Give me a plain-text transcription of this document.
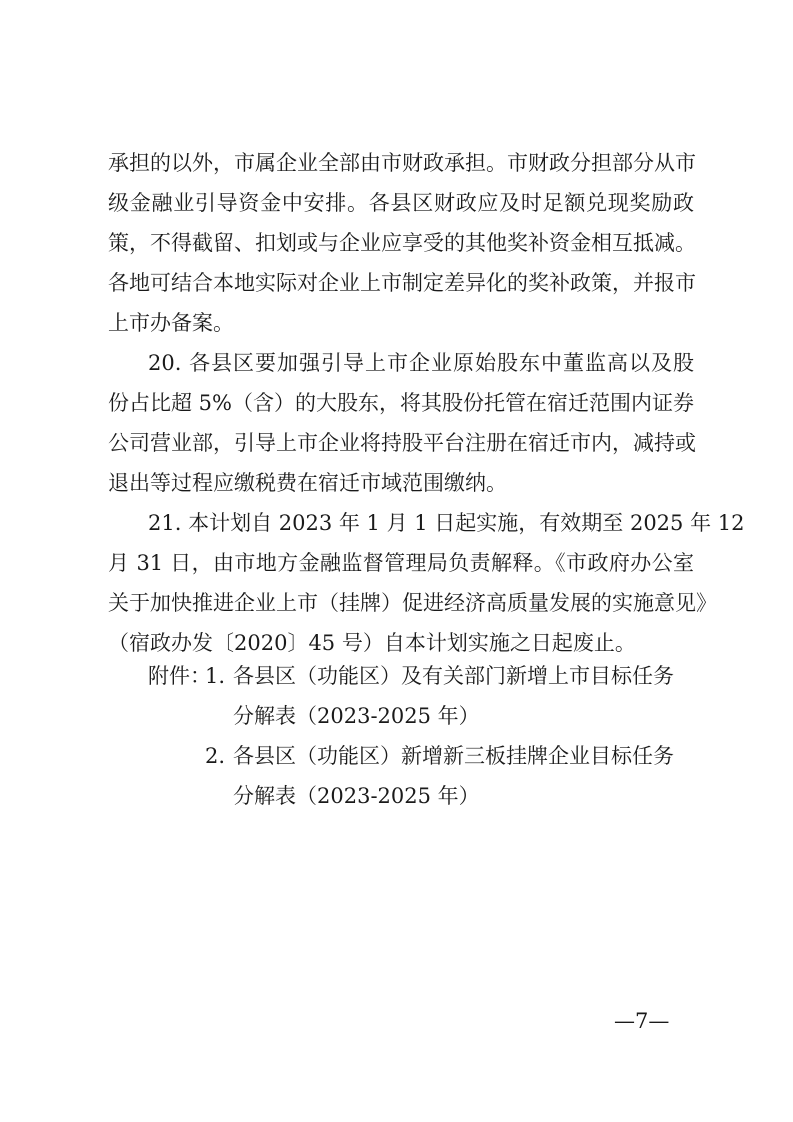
承担的以外，市属企业全部由市财政承担。市财政分担部分从市
级金融业引导资金中安排。各县区财政应及时足额兑现奖励政
策，不得截留、扣划或与企业应享受的其他奖补资金相互抵减。
各地可结合本地实际对企业上市制定差异化的奖补政策，并报市
上市办备案。
20. 各县区要加强引导上市企业原始股东中董监高以及股
份占比超 5%（含）的大股东，将其股份托管在宿迁范围内证券
公司营业部，引导上市企业将持股平台注册在宿迁市内，减持或
退出等过程应缴税费在宿迁市域范围缴纳。
21. 本计划自 2023 年 1 月 1 日起实施，有效期至 2025 年 12
月 31 日，由市地方金融监督管理局负责解释。《市政府办公室
关于加快推进企业上市（挂牌）促进经济高质量发展的实施意见》
（宿政办发〔2020〕45 号）自本计划实施之日起废止。
附件：
1. 各县区（功能区）及有关部门新增上市目标任务
分解表（2023-2025 年）
2. 各县区（功能区）新增新三板挂牌企业目标任务
分解表（2023-2025 年）
—7—
